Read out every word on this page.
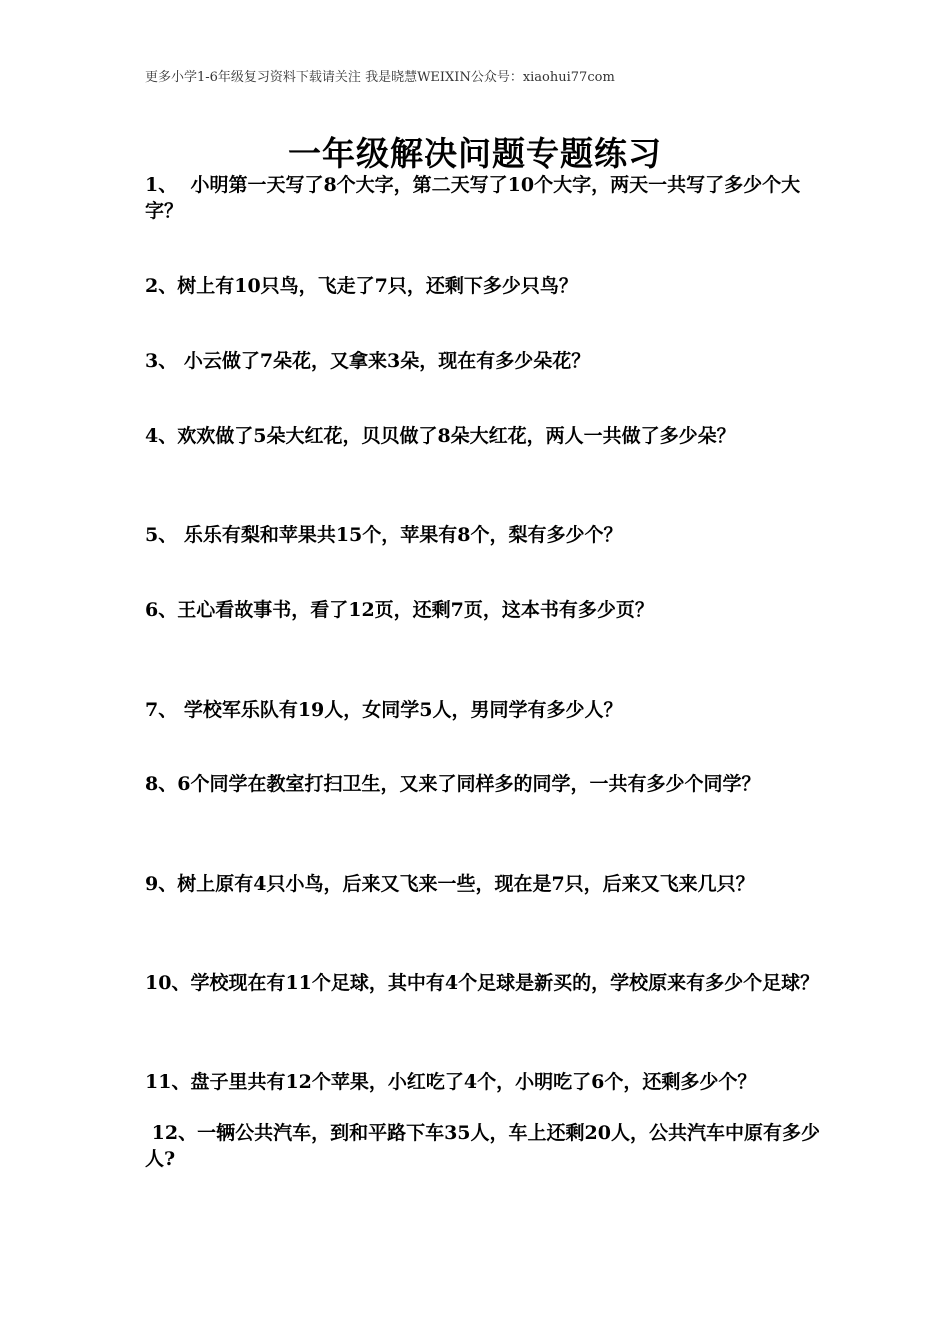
更多小学1-6年级复习资料下载请关注 我是晓慧WEIXIN公众号：xiaohui77com
一年级解决问题专题练习
1、  小明第一天写了8个大字，第二天写了10个大字，两天一共写了多少个大字？
2、树上有10只鸟，飞走了7只，还剩下多少只鸟？
3、 小云做了7朵花，又拿来3朵，现在有多少朵花？
4、欢欢做了5朵大红花，贝贝做了8朵大红花，两人一共做了多少朵？
5、 乐乐有梨和苹果共15个，苹果有8个，梨有多少个？
6、王心看故事书，看了12页，还剩7页，这本书有多少页？
7、 学校军乐队有19人，女同学5人，男同学有多少人？
8、6个同学在教室打扫卫生，又来了同样多的同学，一共有多少个同学？
9、树上原有4只小鸟，后来又飞来一些，现在是7只，后来又飞来几只？
10、学校现在有11个足球，其中有4个足球是新买的，学校原来有多少个足球？
11、盘子里共有12个苹果，小红吃了4个，小明吃了6个，还剩多少个？
12、一辆公共汽车，到和平路下车35人，车上还剩20人，公共汽车中原有多少人?
